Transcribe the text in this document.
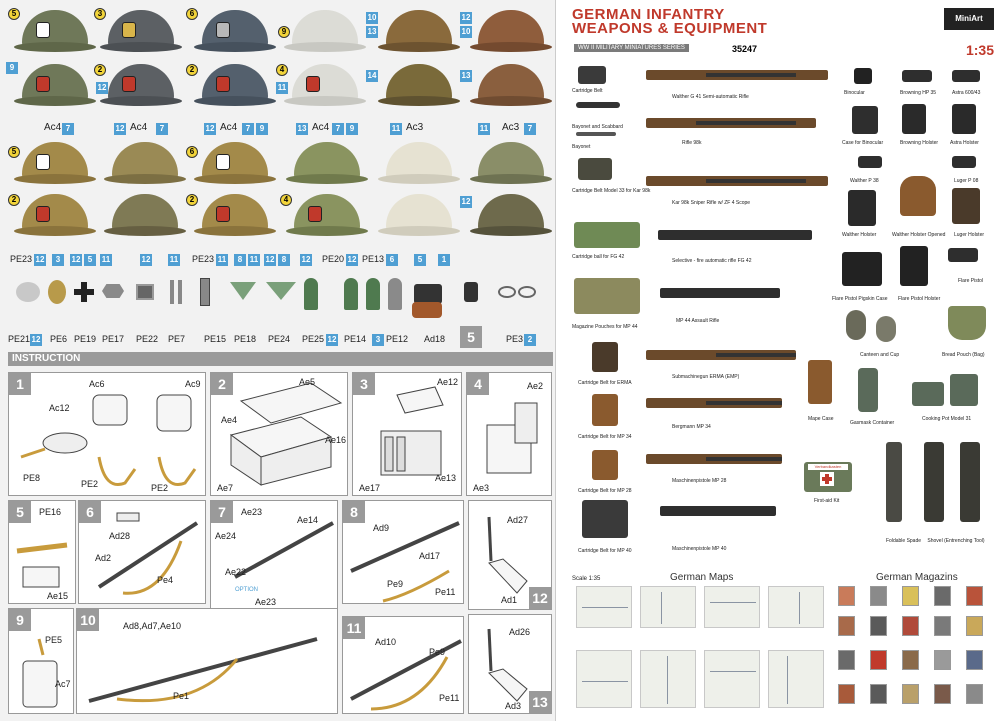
5	3	6
9
2	2	4
5	6
2	2	4
10
13
12
10
9
12	11
14	13
12
Ac4 7	12 Ac4	7	12 Ac4	7	9	13 Ac4 7	9	11 Ac3	11 Ac3	7
PE23 12	3	12 5	11	12 11 PE23 11	8 11 12 8	12 PE20 12 PE13 6	5	1
PE21 12 PE6 PE19 PE17 PE22 PE7 PE15 PE18 PE24 PE25 12 PE14	3 PE12 Ad18	5	PE3 2
INSTRUCTION
1
Ac12
Ac6	Ac9
PE8
PE2	PE2
2	Ae5
Ae4
Ae16
Ae7
3	Ae12
Ae17
Ae13
4	Ae2
Ae3
5	PE16
Ae15
6
Ad28
Ad2
Pe4
7	Ae23
Ae14
Ae24
Ae22
OPTION
Ae23
8
Ad9
Ad17
Pe9
Pe11	12
Ad27
Ad1
9
PE5
Ac7
10	Ad8,Ad7,Ae10
Pe1
11
Ad10
Pe9
Pe11	13
Ad26
Ad3
GERMAN INFANTRY
WEAPONS & EQUIPMENT
WW II MILITARY MINIATURES SERIES	35247
MiniArt
1:35
Cartridge Belt
Bayonet and Scabbard
Bayonet
Cartridge Belt Model 33 for Kar 98k
Cartridge ball for FG 42
Magazine Pouches for MP 44
Cartridge Belt for ERMA
Cartridge Belt for MP 34
Cartridge Belt for MP 28
Cartridge Belt for MP 40
Walther G 41 Semi-automatic Rifle
Rifle 98k
Kar 98k Sniper Rifle w/ ZF 4 Scope
Selective - fire automatic rifle FG 42
MP 44 Assault Rifle
Submachinegun ERMA (EMP)
Bergmann MP 34
Maschinenpistole MP 28
Maschinenpistole MP 40
Binocular	Browning HP 35	Astra 600/43
Case for Binocular	Browning Holster Astra Holster
Walther P 38	Luger P 08
Walther Holster	Walther Holster Opened Luger Holster
Flare Pistol
Flare Pistol Pigskin Case Flare Pistol Holster
Canteen and Cup	Bread Pouch (Bag)
Mape Case
Gasmask Container
Cooking Pot Model 31
Verbandkasten
First-aid Kit
Foldable Spade	Shovel (Entrenching Tool)
Scale 1:35	German Maps	German Magazins
